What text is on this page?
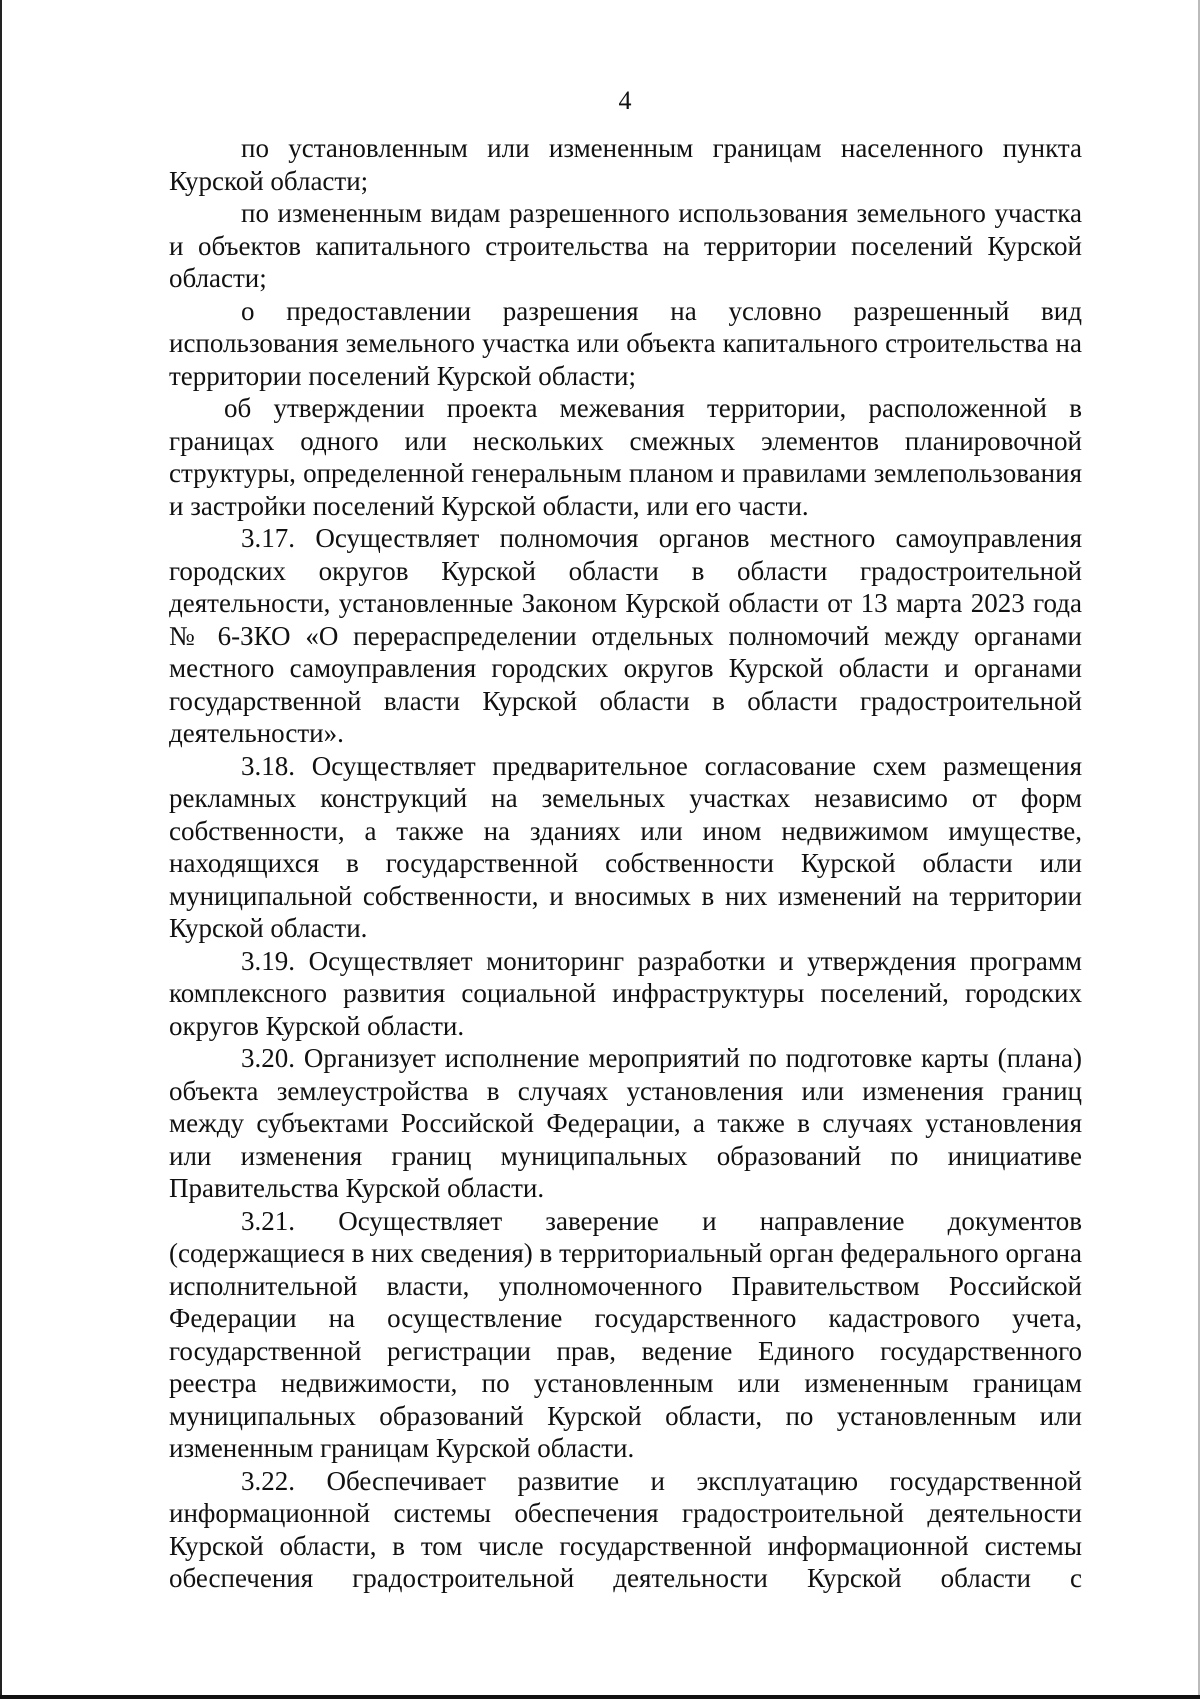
4

по установленным или измененным границам населенного пункта Курской области;

по измененным видам разрешенного использования земельного участка и объектов капитального строительства на территории поселений Курской области;

о предоставлении разрешения на условно разрешенный вид использования земельного участка или объекта капитального строительства на территории поселений Курской области;

об утверждении проекта межевания территории, расположенной в границах одного или нескольких смежных элементов планировочной структуры, определенной генеральным планом и правилами землепользования и застройки поселений Курской области, или его части.

3.17. Осуществляет полномочия органов местного самоуправления городских округов Курской области в области градостроительной деятельности, установленные Законом Курской области от 13 марта 2023 года № 6-ЗКО «О перераспределении отдельных полномочий между органами местного самоуправления городских округов Курской области и органами государственной власти Курской области в области градостроительной деятельности».

3.18. Осуществляет предварительное согласование схем размещения рекламных конструкций на земельных участках независимо от форм собственности, а также на зданиях или ином недвижимом имуществе, находящихся в государственной собственности Курской области или муниципальной собственности, и вносимых в них изменений на территории Курской области.

3.19. Осуществляет мониторинг разработки и утверждения программ комплексного развития социальной инфраструктуры поселений, городских округов Курской области.

3.20. Организует исполнение мероприятий по подготовке карты (плана) объекта землеустройства в случаях установления или изменения границ между субъектами Российской Федерации, а также в случаях установления или изменения границ муниципальных образований по инициативе Правительства Курской области.

3.21. Осуществляет заверение и направление документов (содержащиеся в них сведения) в территориальный орган федерального органа исполнительной власти, уполномоченного Правительством Российской Федерации на осуществление государственного кадастрового учета, государственной регистрации прав, ведение Единого государственного реестра недвижимости, по установленным или измененным границам муниципальных образований Курской области, по установленным или измененным границам Курской области.

3.22. Обеспечивает развитие и эксплуатацию государственной информационной системы обеспечения градостроительной деятельности Курской области, в том числе государственной информационной системы обеспечения градостроительной деятельности Курской области с
